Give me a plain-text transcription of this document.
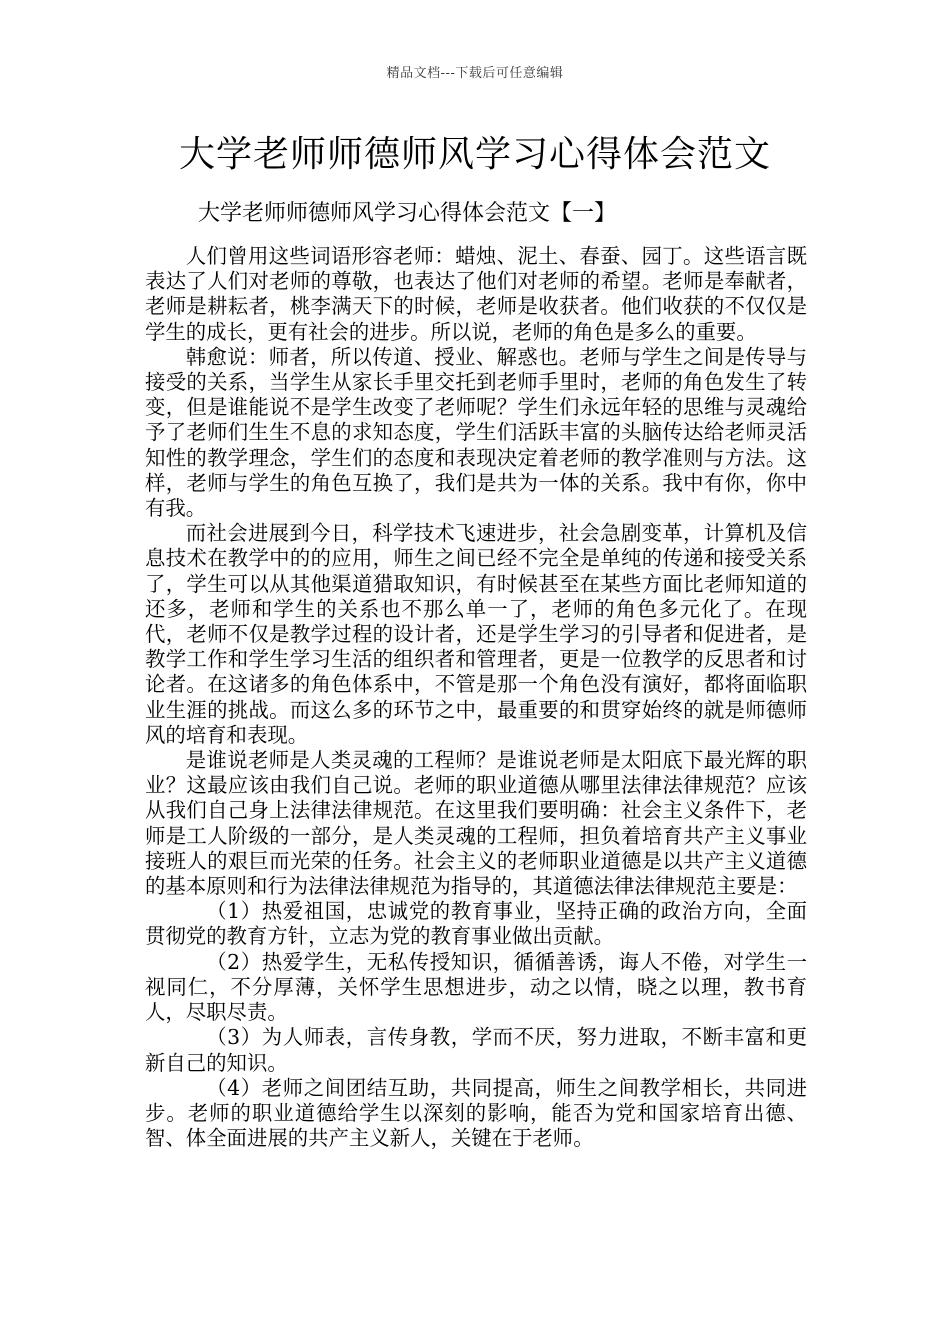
精品文档---下载后可任意编辑
大学老师师德师风学习心得体会范文
大学老师师德师风学习心得体会范文【一】

人们曾用这些词语形容老师：蜡烛、泥土、春蚕、园丁。这些语言既表达了人们对老师的尊敬，也表达了他们对老师的希望。老师是奉献者，老师是耕耘者，桃李满天下的时候，老师是收获者。他们收获的不仅仅是学生的成长，更有社会的进步。所以说，老师的角色是多么的重要。

韩愈说：师者，所以传道、授业、解惑也。老师与学生之间是传导与接受的关系，当学生从家长手里交托到老师手里时，老师的角色发生了转变，但是谁能说不是学生改变了老师呢？学生们永远年轻的思维与灵魂给予了老师们生生不息的求知态度，学生们活跃丰富的头脑传达给老师灵活知性的教学理念，学生们的态度和表现决定着老师的教学准则与方法。这样，老师与学生的角色互换了，我们是共为一体的关系。我中有你，你中有我。

而社会进展到今日，科学技术飞速进步，社会急剧变革，计算机及信息技术在教学中的的应用，师生之间已经不完全是单纯的传递和接受关系了，学生可以从其他渠道猎取知识，有时候甚至在某些方面比老师知道的还多，老师和学生的关系也不那么单一了，老师的角色多元化了。在现代，老师不仅是教学过程的设计者，还是学生学习的引导者和促进者，是教学工作和学生学习生活的组织者和管理者，更是一位教学的反思者和讨论者。在这诸多的角色体系中，不管是那一个角色没有演好，都将面临职业生涯的挑战。而这么多的环节之中，最重要的和贯穿始终的就是师德师风的培育和表现。

是谁说老师是人类灵魂的工程师？是谁说老师是太阳底下最光辉的职业？这最应该由我们自己说。老师的职业道德从哪里法律法律规范？应该从我们自己身上法律法律规范。在这里我们要明确：社会主义条件下，老师是工人阶级的一部分，是人类灵魂的工程师，担负着培育共产主义事业接班人的艰巨而光荣的任务。社会主义的老师职业道德是以共产主义道德的基本原则和行为法律法律规范为指导的，其道德法律法律规范主要是：

（1）热爱祖国，忠诚党的教育事业，坚持正确的政治方向，全面贯彻党的教育方针，立志为党的教育事业做出贡献。

（2）热爱学生，无私传授知识，循循善诱，诲人不倦，对学生一视同仁，不分厚薄，关怀学生思想进步，动之以情，晓之以理，教书育人，尽职尽责。

（3）为人师表，言传身教，学而不厌，努力进取，不断丰富和更新自己的知识。

（4）老师之间团结互助，共同提高，师生之间教学相长，共同进步。老师的职业道德给学生以深刻的影响，能否为党和国家培育出德、智、体全面进展的共产主义新人，关键在于老师。
